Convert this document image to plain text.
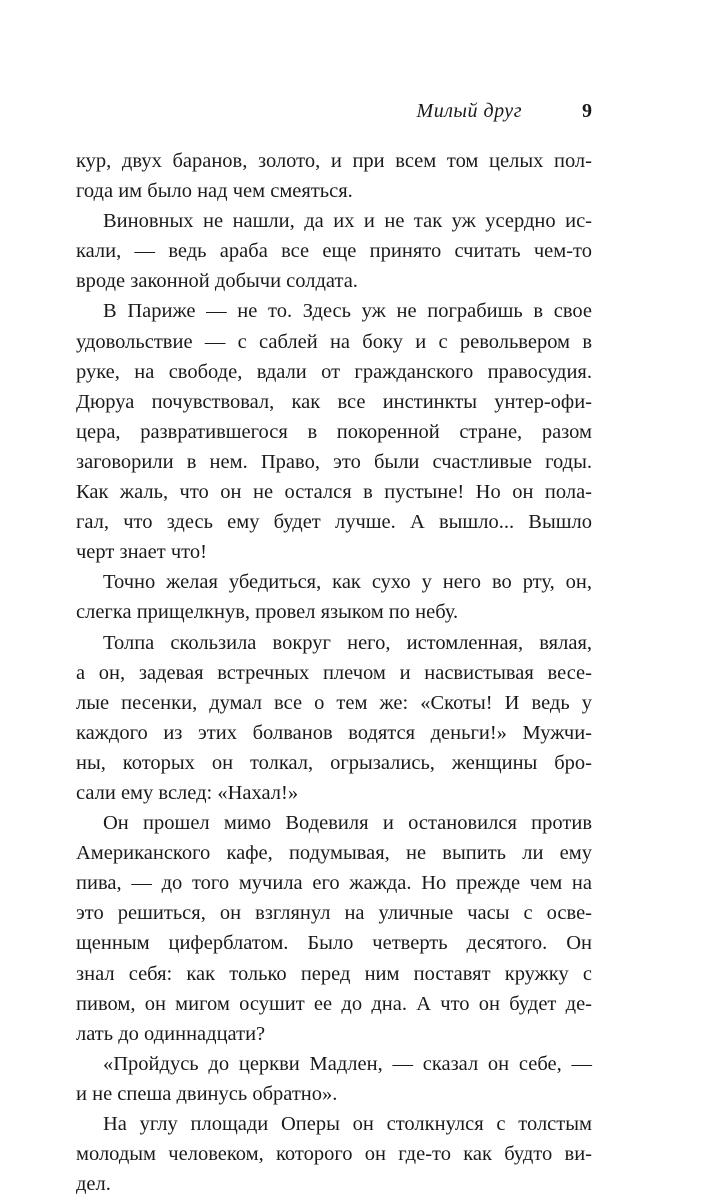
Милый друг	9
кур, двух баранов, золото, и при всем том целых пол-
года им было над чем смеяться.
Виновных не нашли, да их и не так уж усердно ис-
кали, — ведь араба все еще принято считать чем-то
вроде законной добычи солдата.
В Париже — не то. Здесь уж не пограбишь в свое
удовольствие — с саблей на боку и с револьвером в
руке, на свободе, вдали от гражданского правосудия.
Дюруа почувствовал, как все инстинкты унтер-офи-
цера, развратившегося в покоренной стране, разом
заговорили в нем. Право, это были счастливые годы.
Как жаль, что он не остался в пустыне! Но он пола-
гал, что здесь ему будет лучше. А вышло... Вышло
черт знает что!
Точно желая убедиться, как сухо у него во рту, он,
слегка прищелкнув, провел языком по небу.
Толпа скользила вокруг него, истомленная, вялая,
а он, задевая встречных плечом и насвистывая весе-
лые песенки, думал все о тем же: «Скоты! И ведь у
каждого из этих болванов водятся деньги!» Мужчи-
ны, которых он толкал, огрызались, женщины бро-
сали ему вслед: «Нахал!»
Он прошел мимо Водевиля и остановился против
Американского кафе, подумывая, не выпить ли ему
пива, — до того мучила его жажда. Но прежде чем на
это решиться, он взглянул на уличные часы с осве-
щенным циферблатом. Было четверть десятого. Он
знал себя: как только перед ним поставят кружку с
пивом, он мигом осушит ее до дна. А что он будет де-
лать до одиннадцати?
«Пройдусь до церкви Мадлен, — сказал он себе, —
и не спеша двинусь обратно».
На углу площади Оперы он столкнулся с толстым
молодым человеком, которого он где-то как будто ви-
дел.
